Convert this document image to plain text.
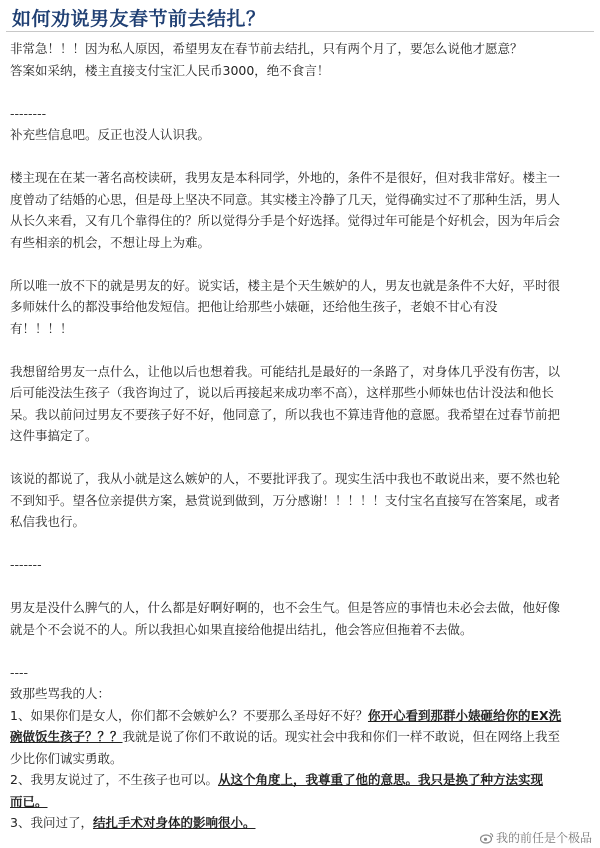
如何劝说男友春节前去结扎？

非常急！！！因为私人原因，希望男友在春节前去结扎，只有两个月了，要怎么说他才愿意？

答案如采纳，楼主直接支付宝汇人民币3000，绝不食言！

--------

补充些信息吧。反正也没人认识我。

楼主现在在某一著名高校读研，我男友是本科同学，外地的，条件不是很好，但对我非常好。楼主一

度曾动了结婚的心思，但是母上坚决不同意。其实楼主冷静了几天，觉得确实过不了那种生活，男人

从长久来看，又有几个靠得住的？所以觉得分手是个好选择。觉得过年可能是个好机会，因为年后会

有些相亲的机会，不想让母上为难。

所以唯一放不下的就是男友的好。说实话，楼主是个天生嫉妒的人，男友也就是条件不大好，平时很

多师妹什么的都没事给他发短信。把他让给那些小婊砸，还给他生孩子，老娘不甘心有没

有！！！！

我想留给男友一点什么，让他以后也想着我。可能结扎是最好的一条路了，对身体几乎没有伤害，以

后可能没法生孩子（我咨询过了，说以后再接起来成功率不高），这样那些小师妹也估计没法和他长

呆。我以前问过男友不要孩子好不好，他同意了，所以我也不算违背他的意愿。我希望在过春节前把

这件事搞定了。

该说的都说了，我从小就是这么嫉妒的人，不要批评我了。现实生活中我也不敢说出来，要不然也轮

不到知乎。望各位亲提供方案，悬赏说到做到，万分感谢！！！！！支付宝名直接写在答案尾，或者

私信我也行。

-------

男友是没什么脾气的人，什么都是好啊好啊的，也不会生气。但是答应的事情也未必会去做，他好像

就是个不会说不的人。所以我担心如果直接给他提出结扎，他会答应但拖着不去做。

----

致那些骂我的人：

1、如果你们是女人，你们都不会嫉妒么？不要那么圣母好不好？你开心看到那群小婊砸给你的EX洗

碗做饭生孩子？？？我就是说了你们不敢说的话。现实社会中我和你们一样不敢说，但在网络上我至

少比你们诚实勇敢。

2、我男友说过了，不生孩子也可以。从这个角度上，我尊重了他的意思。我只是换了种方法实现

而已。

3、我问过了，结扎手术对身体的影响很小。

我的前任是个极品
